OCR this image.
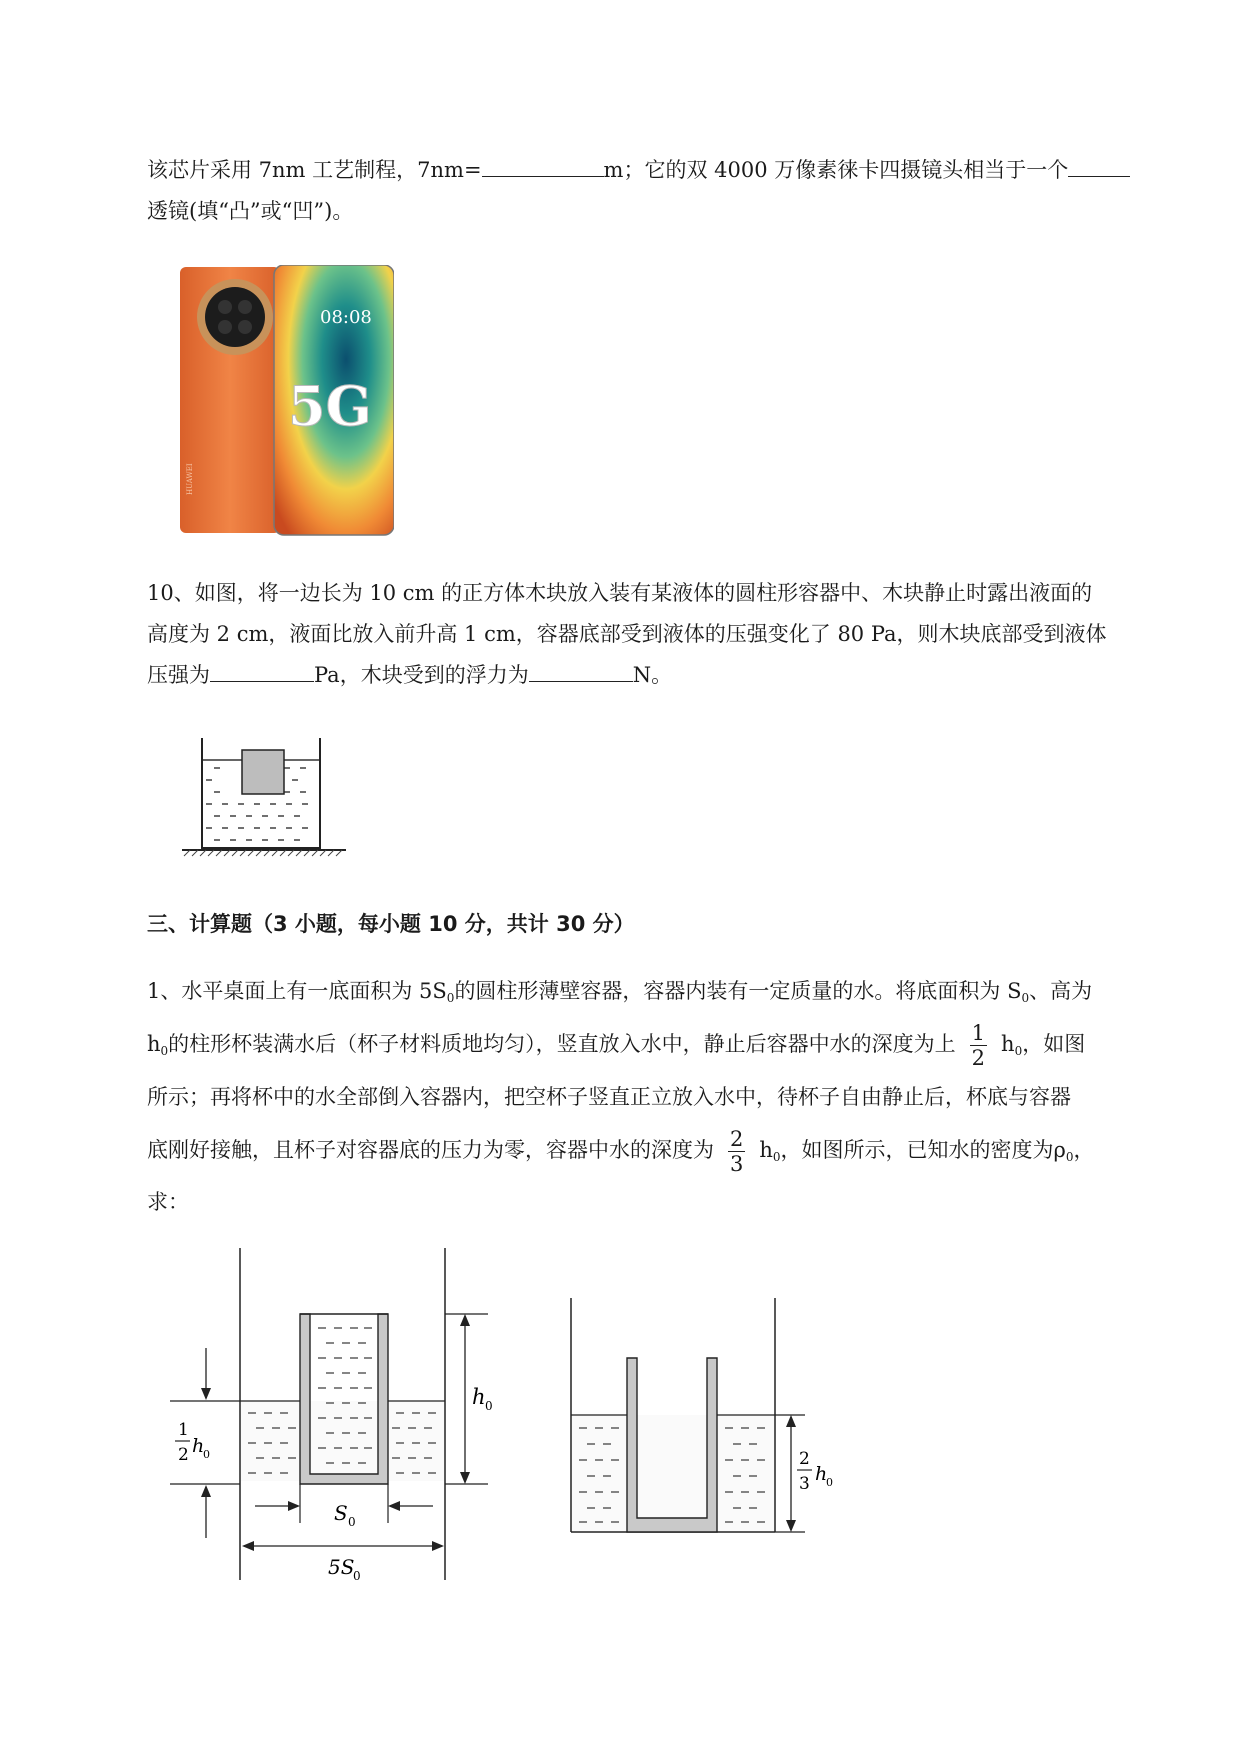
该芯片采用 7nm 工艺制程，7nm=	m；它的双 4000 万像素徕卡四摄镜头相当于一个
透镜(填“凸”或“凹”)。
HUAWEI
08:08
5G
10、如图，将一边长为 10 cm 的正方体木块放入装有某液体的圆柱形容器中、木块静止时露出液面的
高度为 2 cm，液面比放入前升高 1 cm，容器底部受到液体的压强变化了 80 Pa，则木块底部受到液体
压强为	Pa，木块受到的浮力为	N。
三、计算题（3 小题，每小题 10 分，共计 30 分）
1、水平桌面上有一底面积为 $5S_0$的圆柱形薄壁容器，容器内装有一定质量的水。将底面积为 $S_0$、高为
$h_0$的柱形杯装满水后（杯子材料质地均匀），竖直放入水中，静止后容器中水的深度为上 $\frac{1}{2} h_0$，如图
所示；再将杯中的水全部倒入容器内，把空杯子竖直正立放入水中，待杯子自由静止后，杯底与容器
底刚好接触，且杯子对容器底的压力为零，容器中水的深度为 $\frac{2}{3} h_0$，如图所示，已知水的密度为$\rho_0$，
求：
1
2 h
0
h 0
S 0
5S
0
2
3 h
0
